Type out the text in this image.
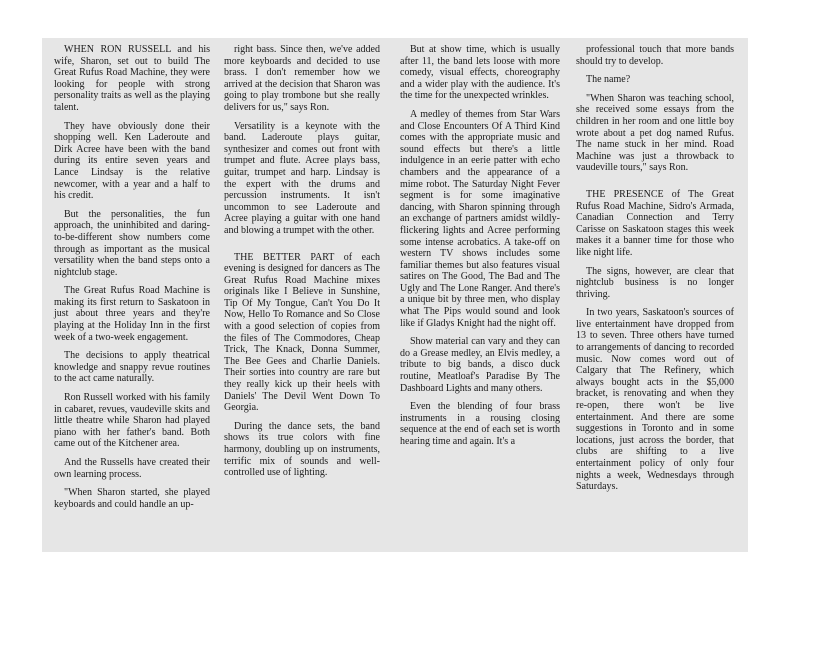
WHEN RON RUSSELL and his wife, Sharon, set out to build The Great Rufus Road Machine, they were looking for people with strong personality traits as well as the playing talent.

They have obviously done their shopping well. Ken Laderoute and Dirk Acree have been with the band during its entire seven years and Lance Lindsay is the relative newcomer, with a year and a half to his credit.

But the personalities, the fun approach, the uninhibited and daring-to-be-different show numbers come through as important as the musical versatility when the band steps onto a nightclub stage.

The Great Rufus Road Machine is making its first return to Saskatoon in just about three years and they're playing at the Holiday Inn in the first week of a two-week engagement.

The decisions to apply theatrical knowledge and snappy revue routines to the act came naturally.

Ron Russell worked with his family in cabaret, revues, vaudeville skits and little theatre while Sharon had played piano with her father's band. Both came out of the Kitchener area.

And the Russells have created their own learning process.

"When Sharon started, she played keyboards and could handle an up-

right bass. Since then, we've added more keyboards and decided to use brass. I don't remember how we arrived at the decision that Sharon was going to play trombone but she really delivers for us," says Ron.

Versatility is a keynote with the band. Laderoute plays guitar, synthesizer and comes out front with trumpet and flute. Acree plays bass, guitar, trumpet and harp. Lindsay is the expert with the drums and percussion instruments. It isn't uncommon to see Laderoute and Acree playing a guitar with one hand and blowing a trumpet with the other.

THE BETTER PART of each evening is designed for dancers as The Great Rufus Road Machine mixes originals like I Believe in Sunshine, Tip Of My Tongue, Can't You Do It Now, Hello To Romance and So Close with a good selection of copies from the files of The Commodores, Cheap Trick, The Knack, Donna Summer, The Bee Gees and Charlie Daniels. Their sorties into country are rare but they really kick up their heels with Daniels' The Devil Went Down To Georgia.

During the dance sets, the band shows its true colors with fine harmony, doubling up on instruments, terrific mix of sounds and well-controlled use of lighting.

But at show time, which is usually after 11, the band lets loose with more comedy, visual effects, choreography and a wider play with the audience. It's the time for the unexpected wrinkles.

A medley of themes from Star Wars and Close Encounters Of A Third Kind comes with the appropriate music and sound effects but there's a little indulgence in an eerie patter with echo chambers and the appearance of a mime robot. The Saturday Night Fever segment is for some imaginative dancing, with Sharon spinning through an exchange of partners amidst wildly-flickering lights and Acree performing some intense acrobatics. A take-off on western TV shows includes some familiar themes but also features visual satires on The Good, The Bad and The Ugly and The Lone Ranger. And there's a unique bit by three men, who display what The Pips would sound and look like if Gladys Knight had the night off.

Show material can vary and they can do a Grease medley, an Elvis medley, a tribute to big bands, a disco duck routine, Meatloaf's Paradise By The Dashboard Lights and many others.

Even the blending of four brass instruments in a rousing closing sequence at the end of each set is worth hearing time and again. It's a

professional touch that more bands should try to develop.

The name?

"When Sharon was teaching school, she received some essays from the children in her room and one little boy wrote about a pet dog named Rufus. The name stuck in her mind. Road Machine was just a throwback to vaudeville tours," says Ron.

THE PRESENCE of The Great Rufus Road Machine, Sidro's Armada, Canadian Connection and Terry Carisse on Saskatoon stages this week makes it a banner time for those who like night life.

The signs, however, are clear that nightclub business is no longer thriving.

In two years, Saskatoon's sources of live entertainment have dropped from 13 to seven. Three others have turned to arrangements of dancing to recorded music. Now comes word out of Calgary that The Refinery, which always bought acts in the $5,000 bracket, is renovating and when they re-open, there won't be live entertainment. And there are some suggestions in Toronto and in some locations, just across the border, that clubs are shifting to a live entertainment policy of only four nights a week, Wednesdays through Saturdays.
